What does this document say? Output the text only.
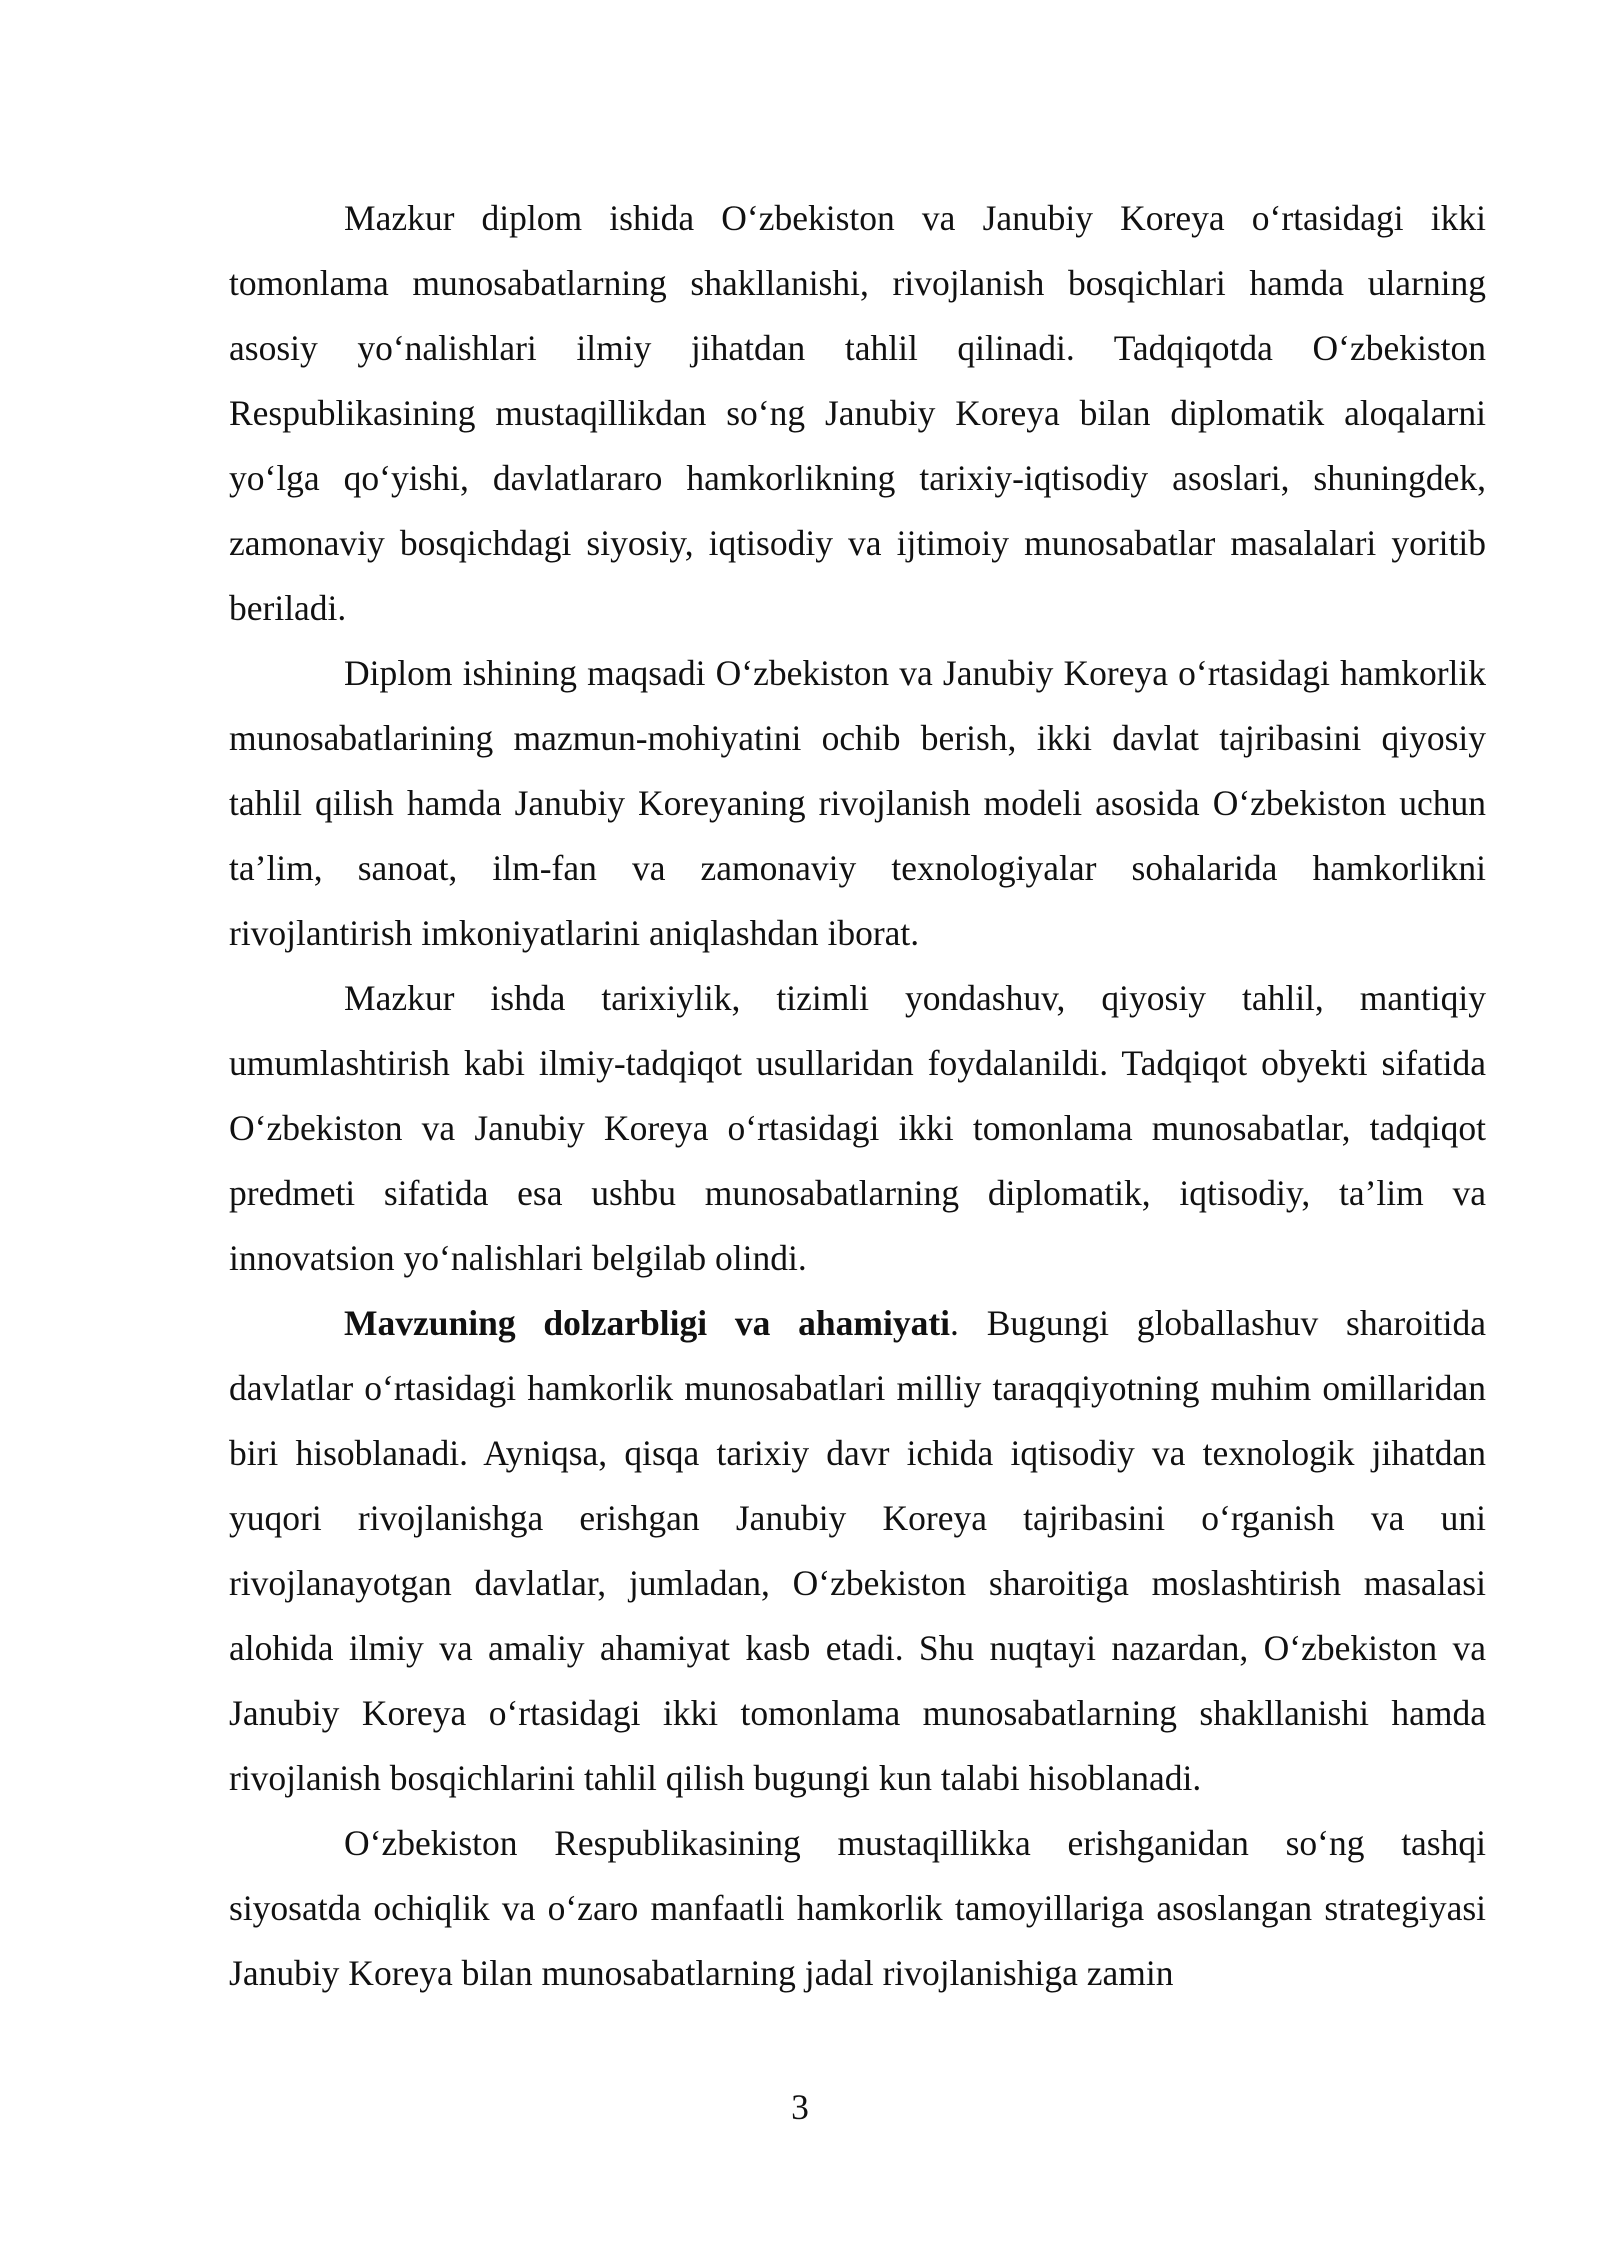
Mazkur diplom ishida O‘zbekiston va Janubiy Koreya o‘rtasidagi ikki tomonlama munosabatlarning shakllanishi, rivojlanish bosqichlari hamda ularning asosiy yo‘nalishlari ilmiy jihatdan tahlil qilinadi. Tadqiqotda O‘zbekiston Respublikasining mustaqillikdan so‘ng Janubiy Koreya bilan diplomatik aloqalarni yo‘lga qo‘yishi, davlatlararo hamkorlikning tarixiy-iqtisodiy asoslari, shuningdek, zamonaviy bosqichdagi siyosiy, iqtisodiy va ijtimoiy munosabatlar masalalari yoritib beriladi.

Diplom ishining maqsadi O‘zbekiston va Janubiy Koreya o‘rtasidagi hamkorlik munosabatlarining mazmun-mohiyatini ochib berish, ikki davlat tajribasini qiyosiy tahlil qilish hamda Janubiy Koreyaning rivojlanish modeli asosida O‘zbekiston uchun ta’lim, sanoat, ilm-fan va zamonaviy texnologiyalar sohalarida hamkorlikni rivojlantirish imkoniyatlarini aniqlashdan iborat.

Mazkur ishda tarixiylik, tizimli yondashuv, qiyosiy tahlil, mantiqiy umumlashtirish kabi ilmiy-tadqiqot usullaridan foydalanildi. Tadqiqot obyekti sifatida O‘zbekiston va Janubiy Koreya o‘rtasidagi ikki tomonlama munosabatlar, tadqiqot predmeti sifatida esa ushbu munosabatlarning diplomatik, iqtisodiy, ta’lim va innovatsion yo‘nalishlari belgilab olindi.

Mavzuning dolzarbligi va ahamiyati. Bugungi globallashuv sharoitida davlatlar o‘rtasidagi hamkorlik munosabatlari milliy taraqqiyotning muhim omillaridan biri hisoblanadi. Ayniqsa, qisqa tarixiy davr ichida iqtisodiy va texnologik jihatdan yuqori rivojlanishga erishgan Janubiy Koreya tajribasini o‘rganish va uni rivojlanayotgan davlatlar, jumladan, O‘zbekiston sharoitiga moslashtirish masalasi alohida ilmiy va amaliy ahamiyat kasb etadi. Shu nuqtayi nazardan, O‘zbekiston va Janubiy Koreya o‘rtasidagi ikki tomonlama munosabatlarning shakllanishi hamda rivojlanish bosqichlarini tahlil qilish bugungi kun talabi hisoblanadi.

O‘zbekiston Respublikasining mustaqillikka erishganidan so‘ng tashqi siyosatda ochiqlik va o‘zaro manfaatli hamkorlik tamoyillariga asoslangan strategiyasi Janubiy Koreya bilan munosabatlarning jadal rivojlanishiga zamin

3
